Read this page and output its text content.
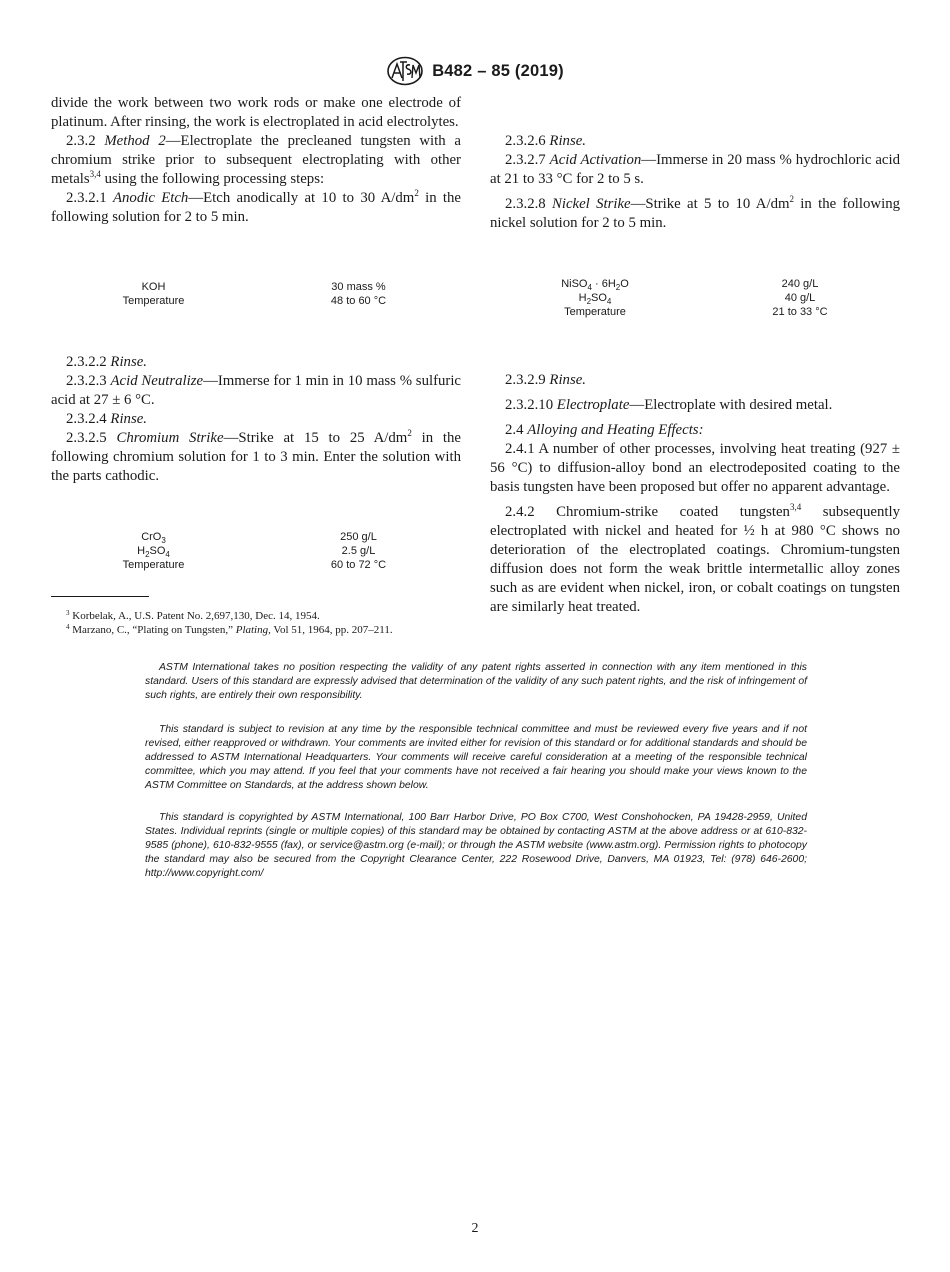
B482 – 85 (2019)

divide the work between two work rods or make one electrode of platinum. After rinsing, the work is electroplated in acid electrolytes.

2.3.2 Method 2—Electroplate the precleaned tungsten with a chromium strike prior to subsequent electroplating with other metals$^{3,4}$ using the following processing steps:

2.3.2.1 Anodic Etch—Etch anodically at 10 to 30 $A/dm^2$ in the following solution for 2 to 5 min.

KOH	30 mass %
Temperature	48 to 60 °C

2.3.2.2 Rinse.

2.3.2.3 Acid Neutralize—Immerse for 1 min in 10 mass % sulfuric acid at 27 ± 6 °C.

2.3.2.4 Rinse.

2.3.2.5 Chromium Strike—Strike at 15 to 25 $A/dm^2$ in the following chromium solution for 1 to 3 min. Enter the solution with the parts cathodic.

CrO$_3$	250 g/L
$H_2SO_4$	2.5 g/L
Temperature	60 to 72 °C

$^3$ Korbelak, A., U.S. Patent No. 2,697,130, Dec. 14, 1954.

$^4$ Marzano, C., “Plating on Tungsten,” Plating, Vol 51, 1964, pp. 207–211.

2.3.2.6 Rinse.

2.3.2.7 Acid Activation—Immerse in 20 mass % hydrochloric acid at 21 to 33 °C for 2 to 5 s.

2.3.2.8 Nickel Strike—Strike at 5 to 10 $A/dm^2$ in the following nickel solution for 2 to 5 min.

NiSO$_4$ · $6H_2O$	240 g/L
$H_2SO_4$	40 g/L
Temperature	21 to 33 °C

2.3.2.9 Rinse.

2.3.2.10 Electroplate—Electroplate with desired metal.

2.4 Alloying and Heating Effects:

2.4.1 A number of other processes, involving heat treating (927 ± 56 °C) to diffusion-alloy bond an electrodeposited coating to the basis tungsten have been proposed but offer no apparent advantage.

2.4.2 Chromium-strike coated tungsten$^{3,4}$ subsequently electroplated with nickel and heated for ½ h at 980 °C shows no deterioration of the electroplated coatings. Chromium-tungsten diffusion does not form the weak brittle intermetallic alloy zones such as are evident when nickel, iron, or cobalt coatings on tungsten are similarly heat treated.

ASTM International takes no position respecting the validity of any patent rights asserted in connection with any item mentioned in this standard. Users of this standard are expressly advised that determination of the validity of any such patent rights, and the risk of infringement of such rights, are entirely their own responsibility.

This standard is subject to revision at any time by the responsible technical committee and must be reviewed every five years and if not revised, either reapproved or withdrawn. Your comments are invited either for revision of this standard or for additional standards and should be addressed to ASTM International Headquarters. Your comments will receive careful consideration at a meeting of the responsible technical committee, which you may attend. If you feel that your comments have not received a fair hearing you should make your views known to the ASTM Committee on Standards, at the address shown below.

This standard is copyrighted by ASTM International, 100 Barr Harbor Drive, PO Box C700, West Conshohocken, PA 19428-2959, United States. Individual reprints (single or multiple copies) of this standard may be obtained by contacting ASTM at the above address or at 610-832-9585 (phone), 610-832-9555 (fax), or service@astm.org (e-mail); or through the ASTM website (www.astm.org). Permission rights to photocopy the standard may also be secured from the Copyright Clearance Center, 222 Rosewood Drive, Danvers, MA 01923, Tel: (978) 646-2600; http://www.copyright.com/

2
